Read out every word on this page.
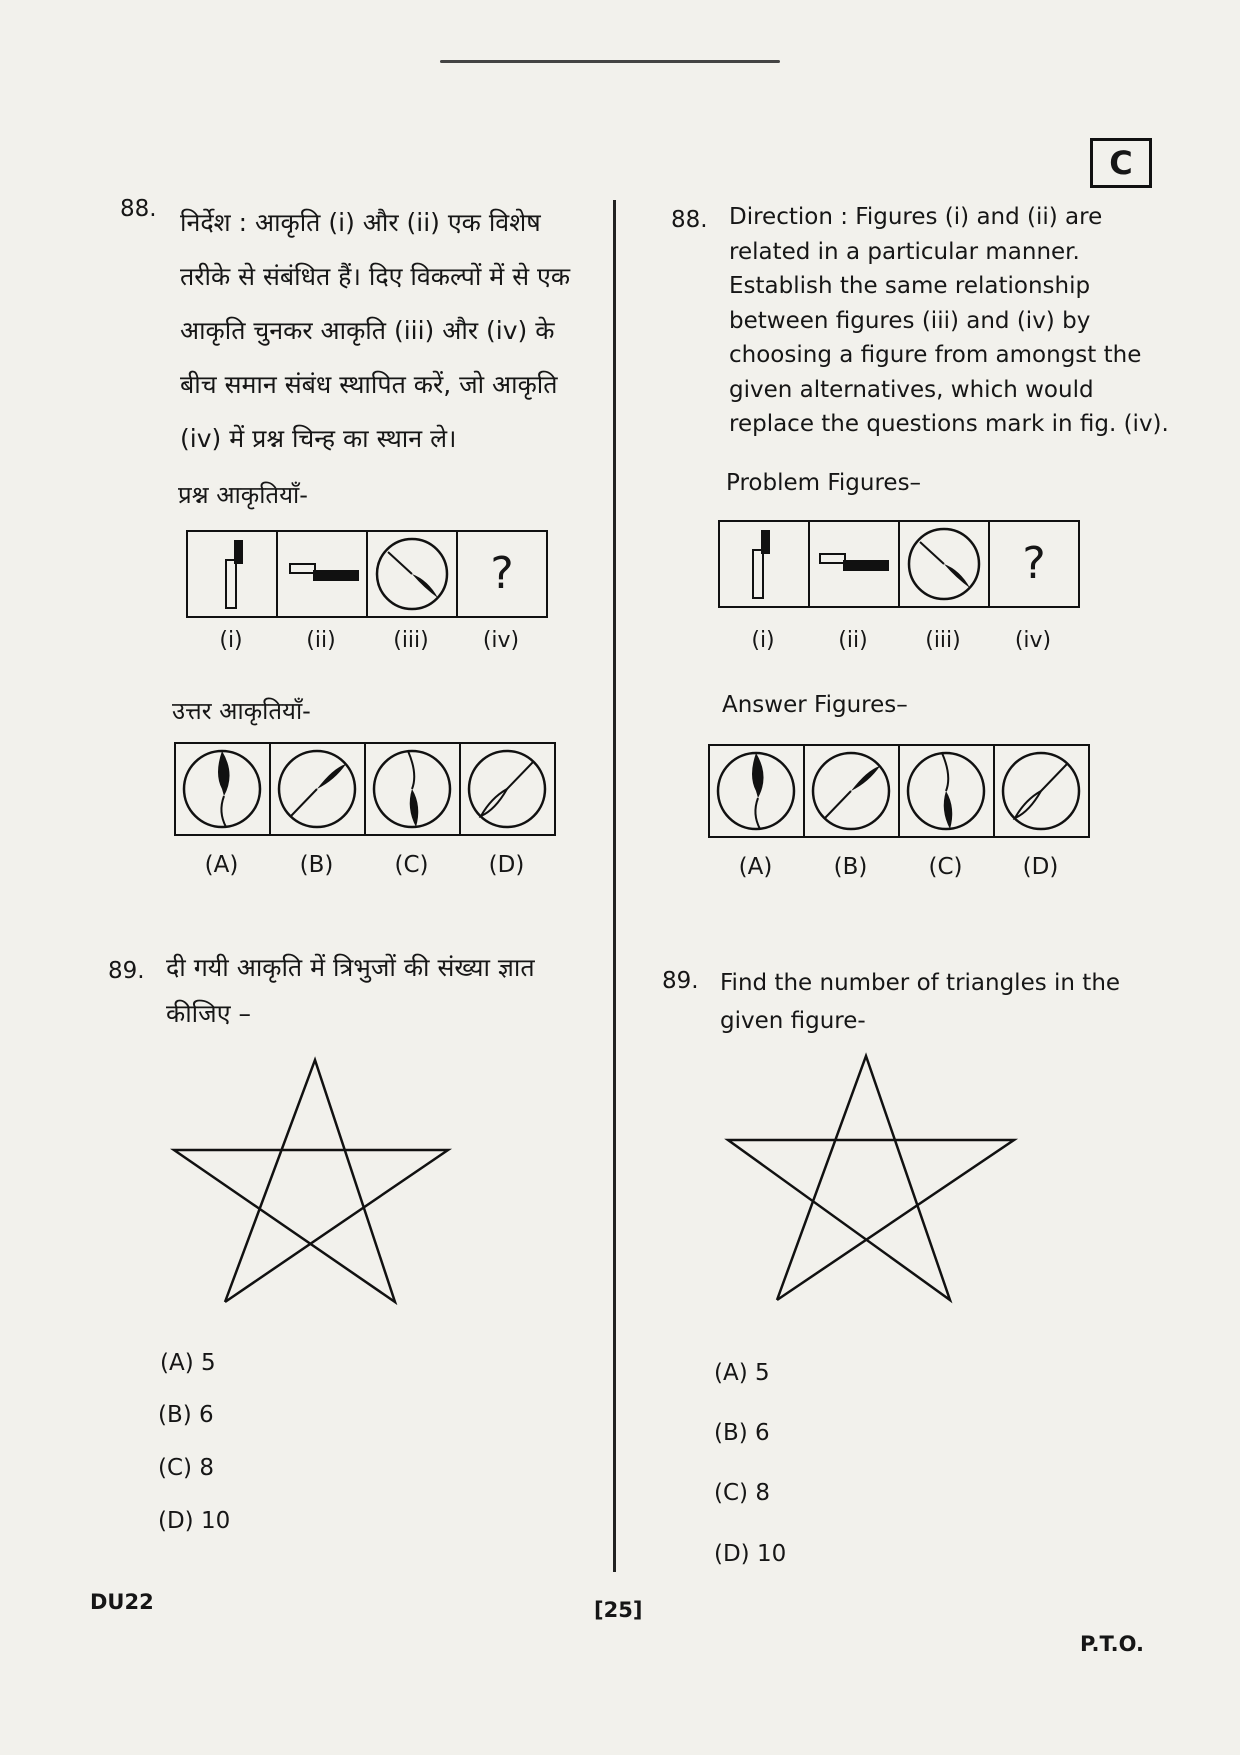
C
88. निर्देश : आकृति (i) और (ii) एक विशेष
तरीके से संबंधित हैं। दिए विकल्पों में से एक
आकृति चुनकर आकृति (iii) और (iv) के
बीच समान संबंध स्थापित करें, जो आकृति
(iv) में प्रश्न चिन्ह का स्थान ले।
प्रश्न आकृतियाँ-
?
(i)	(ii)	(iii)	(iv)
उत्तर आकृतियाँ-
(A)	(B)	(C)	(D)
89. दी गयी आकृति में त्रिभुजों की संख्या ज्ञात
कीजिए –
(A) 5
(B) 6
(C) 8
(D) 10
88. Direction : Figures (i) and (ii) are
related in a particular manner.
Establish the same relationship
between figures (iii) and (iv) by
choosing a figure from amongst the
given alternatives, which would
replace the questions mark in fig. (iv).
Problem Figures–
?
(i)	(ii)	(iii)	(iv)
Answer Figures–
(A)	(B)	(C)	(D)
89. Find the number of triangles in the
given figure-
(A) 5
(B) 6
(C) 8
(D) 10
DU22	[25]
P.T.O.
